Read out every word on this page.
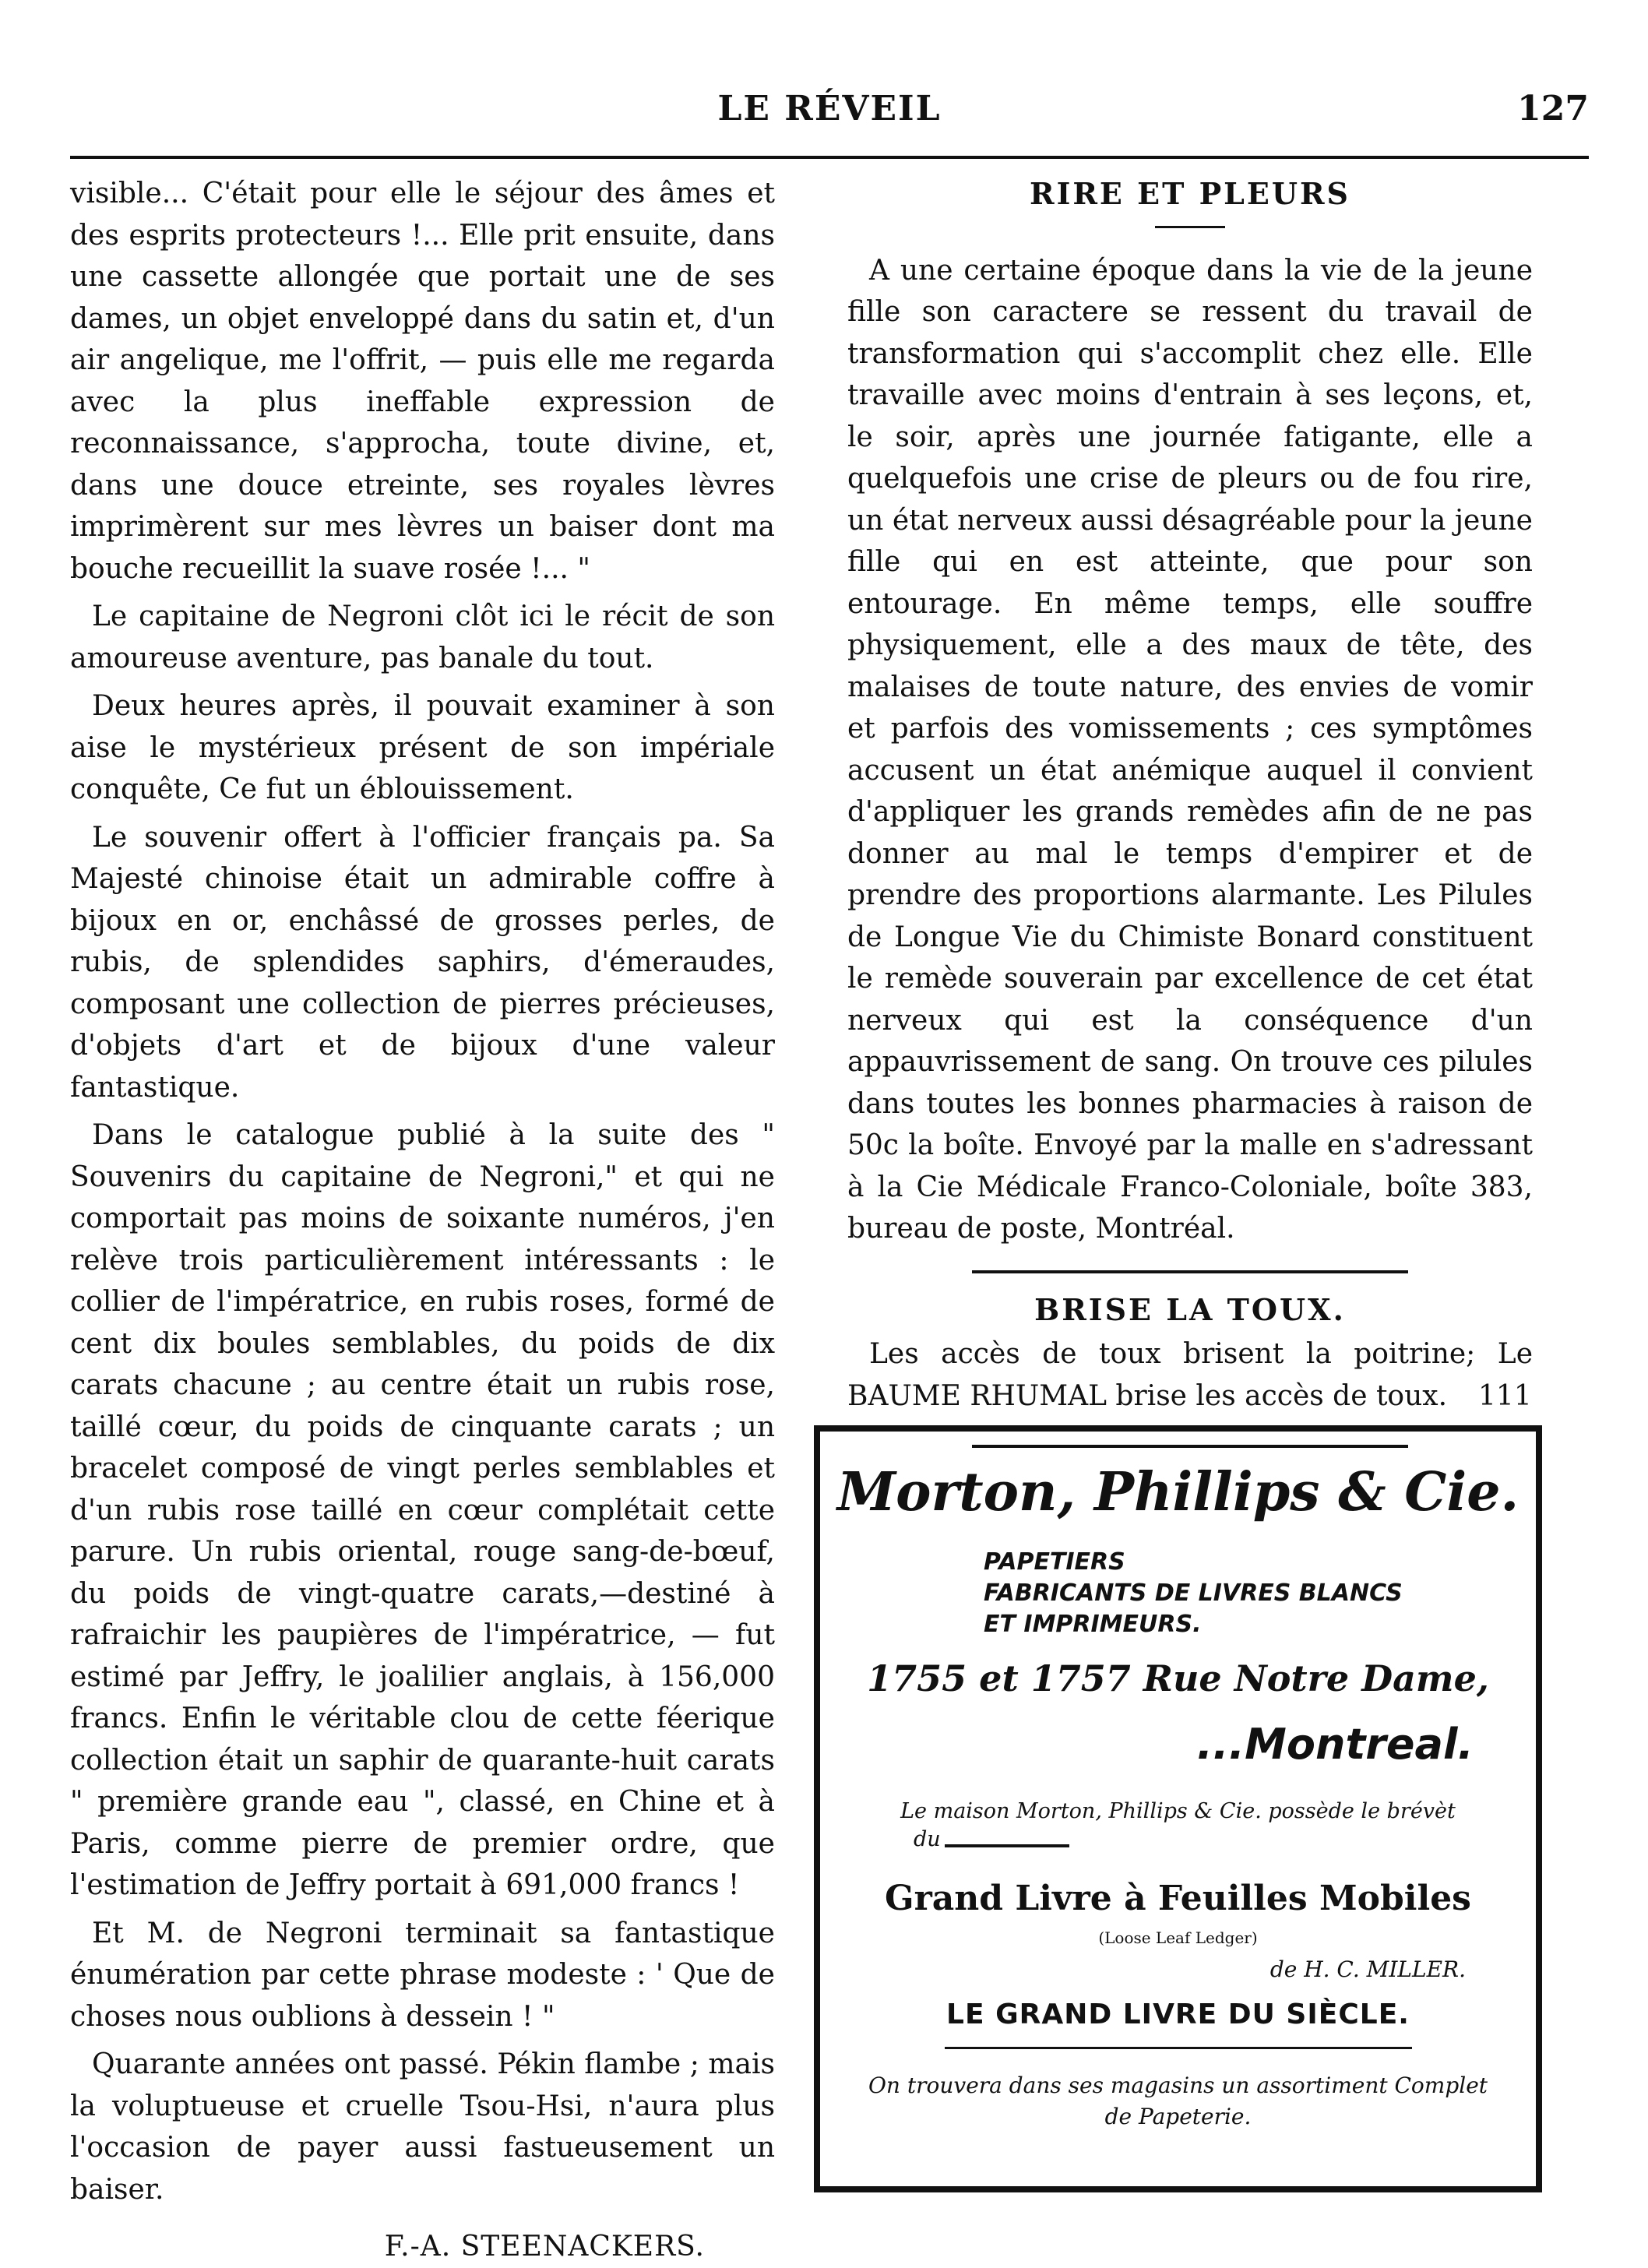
LE RÉVEIL	127

visible... C'était pour elle le séjour des âmes et des esprits protecteurs !... Elle prit ensuite, dans une cassette allongée que portait une de ses dames, un objet enveloppé dans du satin et, d'un air angelique, me l'offrit, — puis elle me regarda avec la plus ineffable expression de reconnaissance, s'approcha, toute divine, et, dans une douce etreinte, ses royales lèvres imprimèrent sur mes lèvres un baiser dont ma bouche recueillit la suave rosée !... "

Le capitaine de Negroni clôt ici le récit de son amoureuse aventure, pas banale du tout.

Deux heures après, il pouvait examiner à son aise le mystérieux présent de son impériale conquête, Ce fut un éblouissement.

Le souvenir offert à l'officier français pa. Sa Majesté chinoise était un admirable coffre à bijoux en or, enchâssé de grosses perles, de rubis, de splendides saphirs, d'émeraudes, composant une collection de pierres précieuses, d'objets d'art et de bijoux d'une valeur fantastique.

Dans le catalogue publié à la suite des " Souvenirs du capitaine de Negroni," et qui ne comportait pas moins de soixante numéros, j'en relève trois particulièrement intéressants : le collier de l'impératrice, en rubis roses, formé de cent dix boules semblables, du poids de dix carats chacune ; au centre était un rubis rose, taillé cœur, du poids de cinquante carats ; un bracelet composé de vingt perles semblables et d'un rubis rose taillé en cœur complétait cette parure. Un rubis oriental, rouge sang-de-bœuf, du poids de vingt-quatre carats,—destiné à rafraichir les paupières de l'impératrice, — fut estimé par Jeffry, le joalilier anglais, à 156,000 francs. Enfin le véritable clou de cette féerique collection était un saphir de quarante-huit carats " première grande eau ", classé, en Chine et à Paris, comme pierre de premier ordre, que l'estimation de Jeffry portait à 691,000 francs !

Et M. de Negroni terminait sa fantastique énumération par cette phrase modeste : ' Que de choses nous oublions à dessein ! "

Quarante années ont passé. Pékin flambe ; mais la voluptueuse et cruelle Tsou-Hsi, n'aura plus l'occasion de payer aussi fastueusement un baiser.

F.-A. STEENACKERS.
RIRE ET PLEURS

A une certaine époque dans la vie de la jeune fille son caractere se ressent du travail de transformation qui s'accomplit chez elle. Elle travaille avec moins d'entrain à ses leçons, et, le soir, après une journée fatigante, elle a quelquefois une crise de pleurs ou de fou rire, un état nerveux aussi désagréable pour la jeune fille qui en est atteinte, que pour son entourage. En même temps, elle souffre physiquement, elle a des maux de tête, des malaises de toute nature, des envies de vomir et parfois des vomissements ; ces symptômes accusent un état anémique auquel il convient d'appliquer les grands remèdes afin de ne pas donner au mal le temps d'empirer et de prendre des proportions alarmante. Les Pilules de Longue Vie du Chimiste Bonard constituent le remède souverain par excellence de cet état nerveux qui est la conséquence d'un appauvrissement de sang. On trouve ces pilules dans toutes les bonnes pharmacies à raison de 50c la boîte. Envoyé par la malle en s'adressant à la Cie Médicale Franco-Coloniale, boîte 383, bureau de poste, Montréal.

BRISE LA TOUX.

Les accès de toux brisent la poitrine; Le BAUME RHUMAL brise les accès de toux. 111

Morton, Phillips & Cie.
PAPETIERS
FABRICANTS DE LIVRES BLANCS
ET IMPRIMEURS.
1755 et 1757 Rue Notre Dame,
...Montreal.
Le maison Morton, Phillips & Cie. possède le brévèt
du
Grand Livre à Feuilles Mobiles
(Loose Leaf Ledger)
de H. C. MILLER.
LE GRAND LIVRE DU SIÈCLE.
On trouvera dans ses magasins un assortiment Complet de Papeterie.
